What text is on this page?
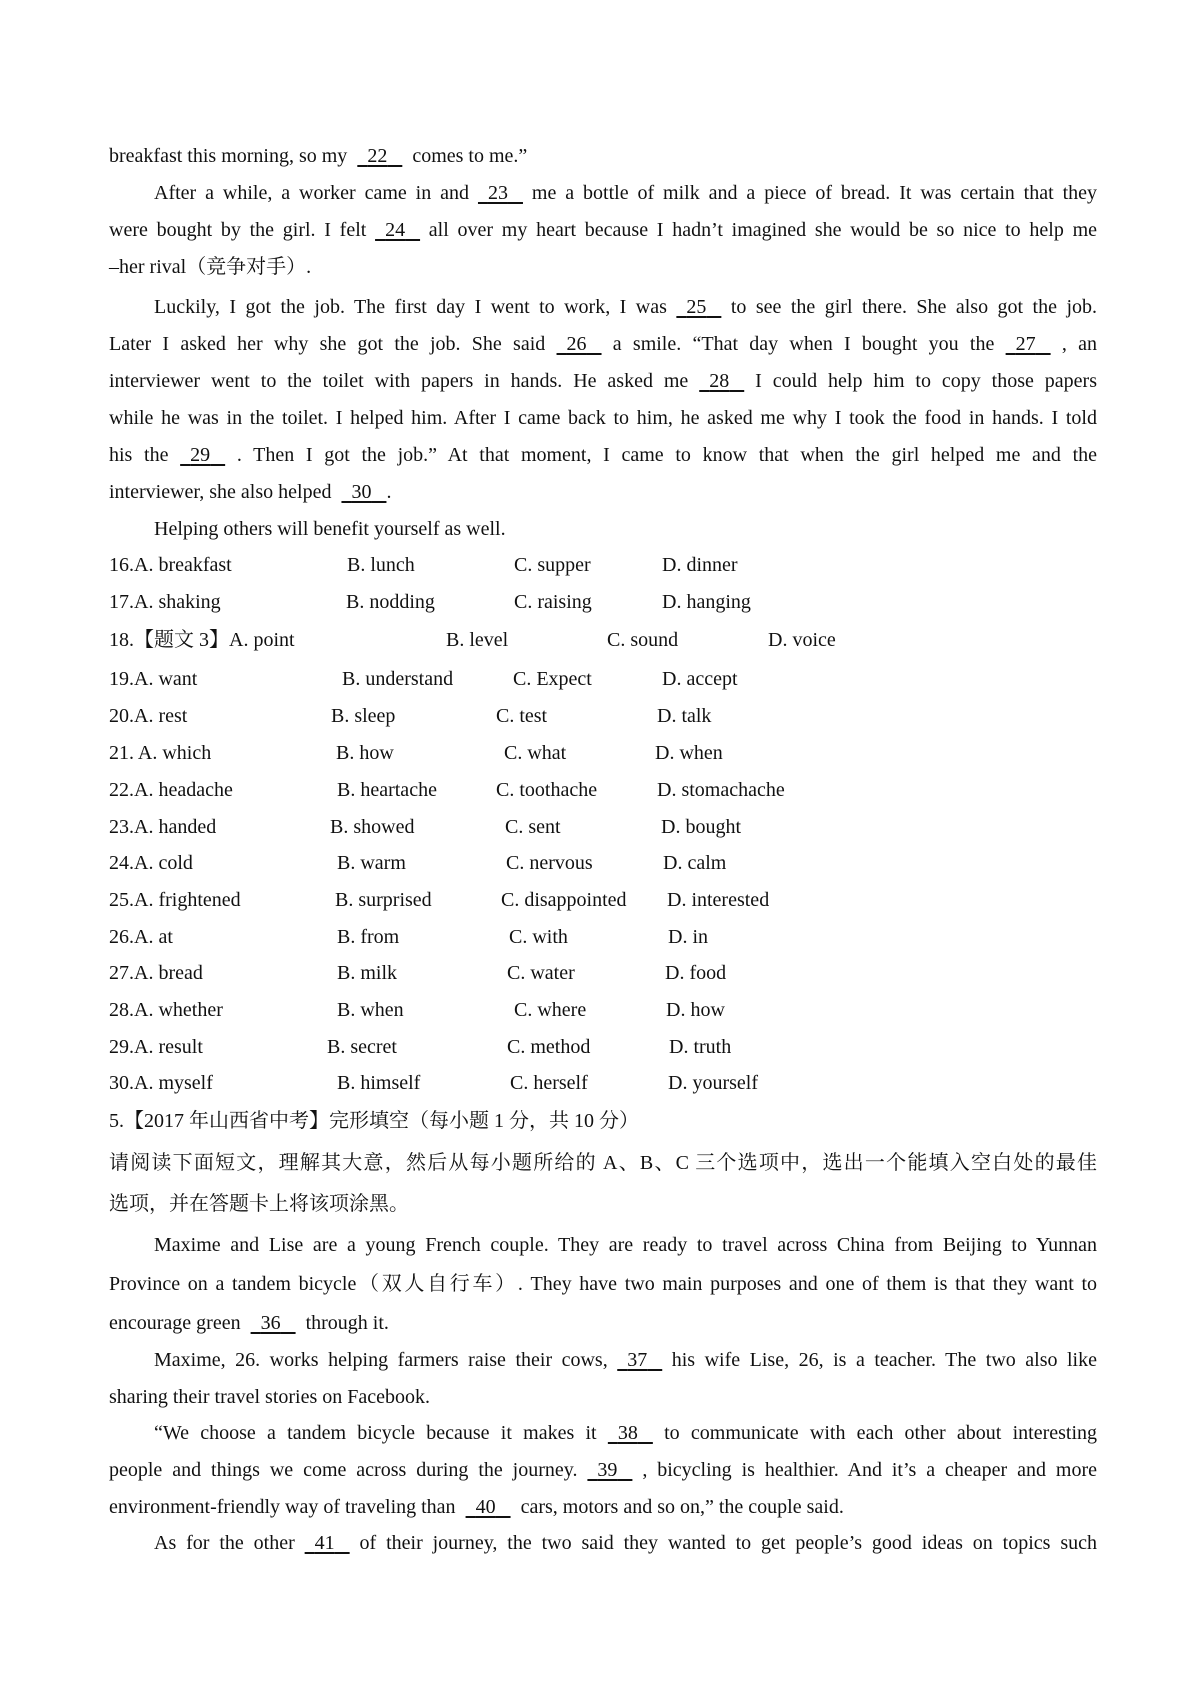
breakfast this morning, so my    22     comes to me.”
After a while, a worker came in and 23    me a bottle of milk and a piece of bread. It was certain that they
were bought by the girl. I felt   24    all over my heart because I hadn’t imagined she would be so nice to help me
–her rival（竞争对手）.
Luckily, I got the job. The first day I went to work, I was   25    to see the girl there. She also got the job.
Later I asked her why she got the job. She said   26    a smile. “That day when I bought you the   27 , an
interviewer went to the toilet with papers in hands. He asked me   28    I could help him to copy those papers
while he was in the toilet. I helped him. After I came back to him, he asked me why I took the food in hands. I told
his the   29 . Then I got the job.” At that moment, I came to know that when the girl helped me and the
interviewer, she also helped    30 .
Helping others will benefit yourself as well.
16.A. breakfast	B. lunch	C. supper	D. dinner
17.A. shaking	B. nodding	C. raising	D. hanging
18.【题文 3】A. point	B. level	C. sound	D. voice
19.A. want	B. understand	C. Expect	D. accept
20.A. rest	B. sleep	C. test	D. talk
21. A. which	B. how	C. what	D. when
22.A. headache	B. heartache	C. toothache	D. stomachache
23.A. handed	B. showed	C. sent	D. bought
24.A. cold	B. warm	C. nervous	D. calm
25.A. frightened	B. surprised	C. disappointed D. interested
26.A. at	B. from	C. with	D. in
27.A. bread	B. milk	C. water	D. food
28.A. whether	B. when	C. where	D. how
29.A. result	B. secret	C. method	D. truth
30.A. myself	B. himself	C. herself	D. yourself
5.【2017 年山西省中考】完形填空（每小题 1 分，共 10 分）
请阅读下面短文，理解其大意，然后从每小题所给的 A、B、C 三个选项中，选出一个能填入空白处的最佳
选项，并在答题卡上将该项涂黑。
Maxime and Lise are a young French couple. They are ready to travel across China from Beijing to Yunnan
Province on a tandem bicycle（双人自行车）. They have two main purposes and one of them is that they want to
encourage green    36     through it.
Maxime, 26. works helping farmers raise their cows,   37    his wife Lise, 26, is a teacher. The two also like
sharing their travel stories on Facebook.
“We choose a tandem bicycle because it makes it   38    to communicate with each other about interesting
people and things we come across during the journey.   39 , bicycling is healthier. And it’s a cheaper and more
environment-friendly way of traveling than    40     cars, motors and so on,” the couple said.
As for the other   41    of their journey, the two said they wanted to get people’s good ideas on topics such
